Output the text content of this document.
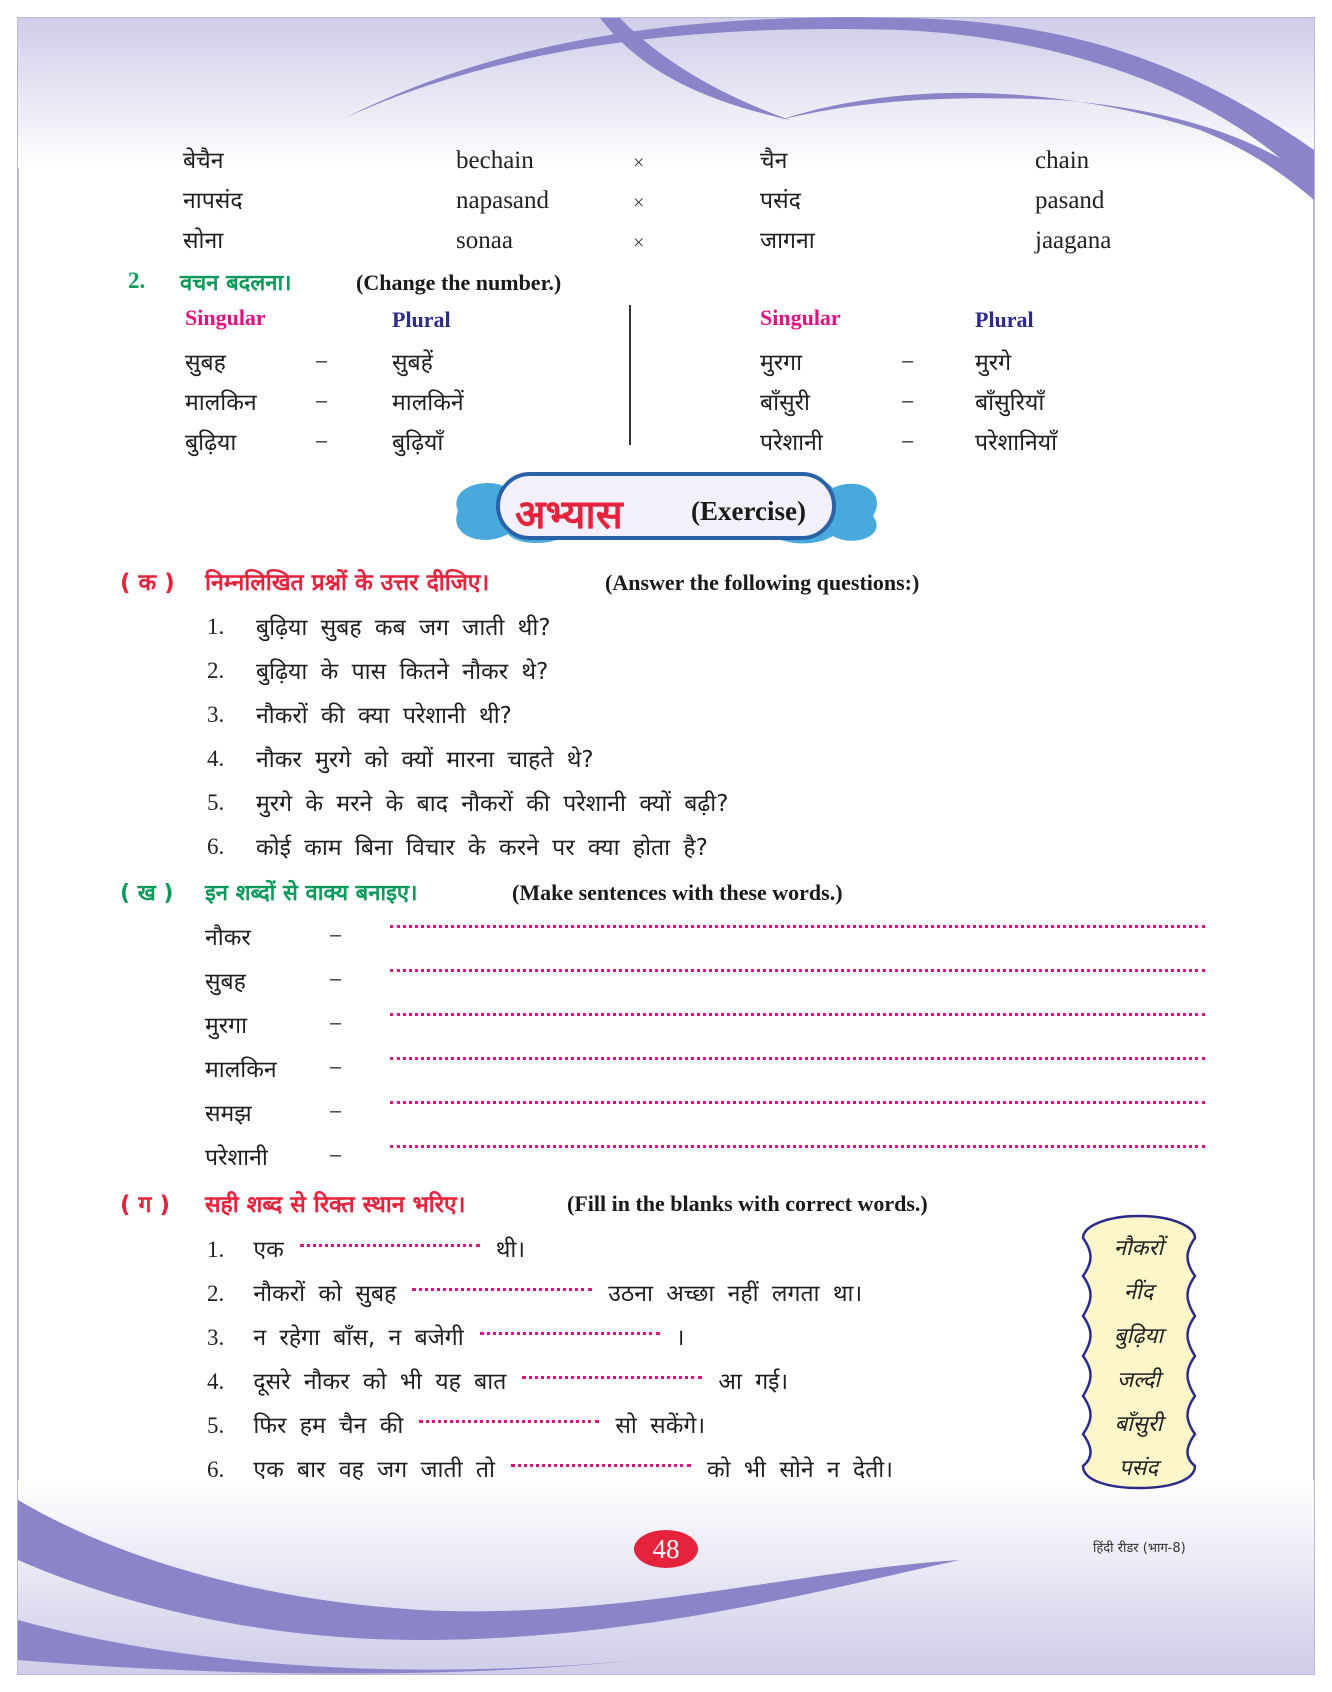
बेचैन	bechain	×	चैन	chain
नापसंद	napasand	×	पसंद	pasand
सोना	sonaa	×	जागना	jaagana
2. वचन बदलना।	(Change the number.)
Singular	Plural	Singular	Plural
सुबह	–	सुबहें
मालकिन	–	मालकिनें
बुढ़िया	–	बुढ़ियाँ
मुरगा	–	मुरगे
बाँसुरी	–	बाँसुरियाँ
परेशानी	–	परेशानियाँ
अभ्यास	(Exercise)
( क ) निम्नलिखित प्रश्नों के उत्तर दीजिए।	(Answer the following questions:)
1. बुढ़िया सुबह कब जग जाती थी?
2. बुढ़िया के पास कितने नौकर थे?
3. नौकरों की क्या परेशानी थी?
4. नौकर मुरगे को क्यों मारना चाहते थे?
5. मुरगे के मरने के बाद नौकरों की परेशानी क्यों बढ़ी?
6. कोई काम बिना विचार के करने पर क्या होता है?
( ख ) इन शब्दों से वाक्य बनाइए।	(Make sentences with these words.)
नौकर	–
सुबह	–
मुरगा	–
मालकिन	–
समझ	–
परेशानी	–
( ग ) सही शब्द से रिक्त स्थान भरिए।	(Fill in the blanks with correct words.)
1. एक	थी।
2. नौकरों को सुबह	उठना अच्छा नहीं लगता था।
3. न रहेगा बाँस, न बजेगी	।
4. दूसरे नौकर को भी यह बात	आ गई।
5. फिर हम चैन की	सो सकेंगे।
6. एक बार वह जग जाती तो	को भी सोने न देती।
नौकरों
नींद
बुढ़िया
जल्दी
बाँसुरी
पसंद
48	हिंदी रीडर (भाग-8)
